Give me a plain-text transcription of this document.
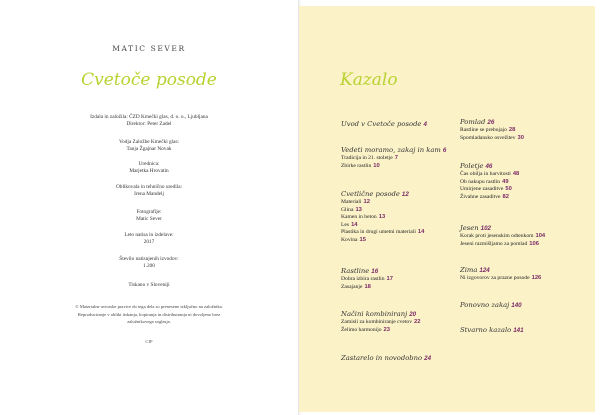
MATIC SEVER
Cvetoče posode
Izdala in založila: ČZD Kmečki glas, d. o. o., Ljubljana
Direktor: Peter Zadel
Vodja Založbe Kmečki glas:
Tanja Žgajnar Novak
Urednica:
Marjetka Hrovatin
Oblikovala in tehnično uredila:
Irena Mandelj
Fotografije:
Matic Sever
Leto natisa in izdelave:
2017
Število natisnjenih izvodov:
1.200
Tiskano v Sloveniji
© Materialne avtorske pravice do tega dela so prenesene izključno na založnika.
Reproduciranje v obliki tiskanja, kopiranja in distribuiranja ni dovoljeno brez
založnikovega soglasja.
CIP
Kazalo
Uvod v Cvetoče posode 4
Vedeti moramo, zakaj in kam 6
Tradicija in 21. stoletje 7
Zbirke rastlin 10
Cvetlične posode 12
Materiali 12
Glina 13
Kamen in beton 13
Les 14
Plastika in drugi umetni materiali 14
Kovina 15
Rastline 16
Dobra izbira rastlin 17
Zasajanje 18
Načini kombiniranj 20
Zamisli za kombiniranje cvetov 22
Želimo harmonijo 23
Zastarelo in novodobno 24
Pomlad 26
Rastline se prebujajo 28
Spomladansko osvežitev 30
Poletje 46
Čas obilja in barvitosti 48
Ob nakupu rastlin 49
Umirjene zasaditve 50
Živahne zasaditve 82
Jesen 102
Korak proti jesenskim odtenkom 104
Jeseni razmišljamo za pomlad 106
Zima 124
Ni izgovorov za prazne posode 126
Ponovno zakaj 140
Stvarno kazalo 141
